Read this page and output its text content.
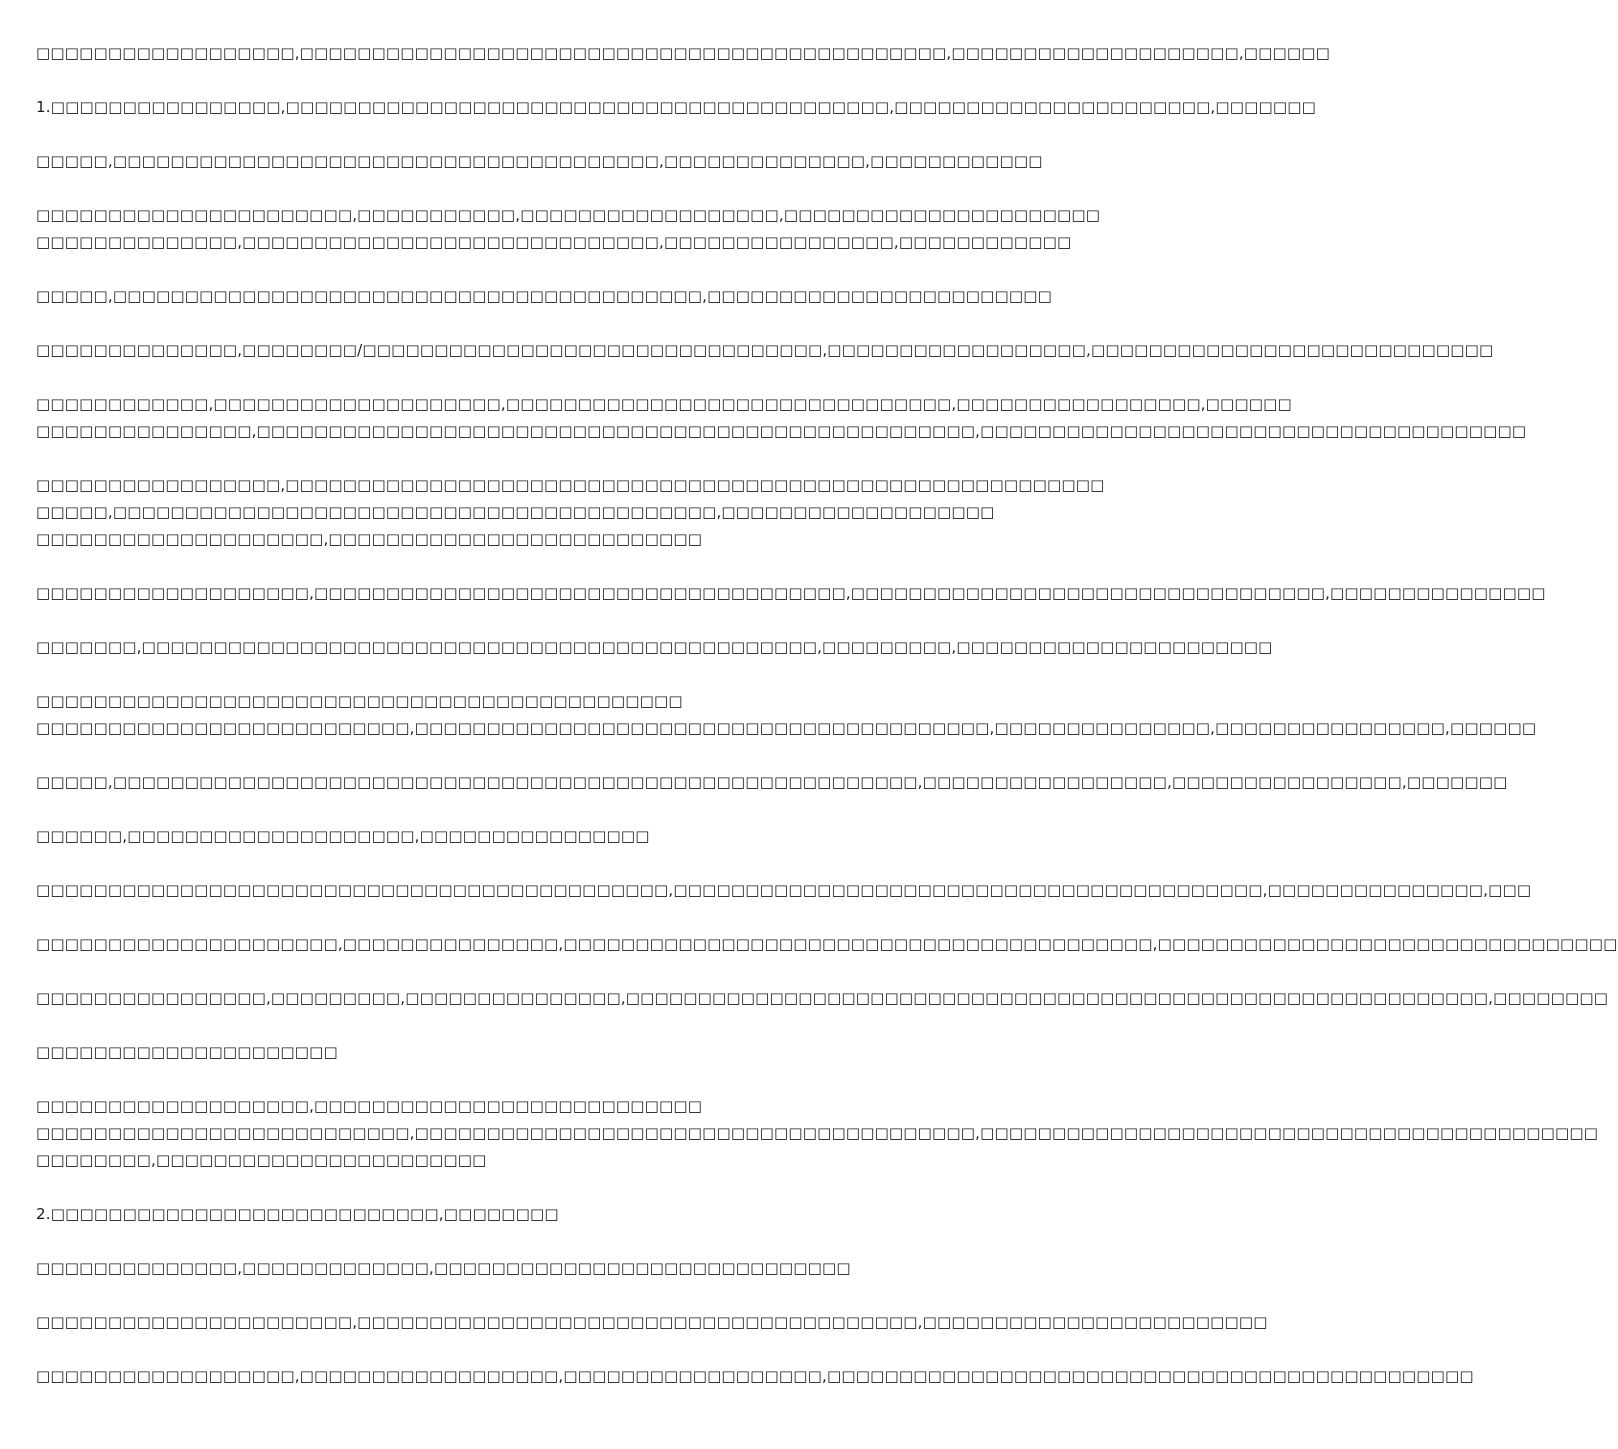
□□□□□□□□□□□□□□□□□□,□□□□□□□□□□□□□□□□□□□□□□□□□□□□□□□□□□□□□□□□□□□□□,□□□□□□□□□□□□□□□□□□□□,□□□□□□
1.□□□□□□□□□□□□□□□□,□□□□□□□□□□□□□□□□□□□□□□□□□□□□□□□□□□□□□□□□□□,□□□□□□□□□□□□□□□□□□□□□□,□□□□□□□
□□□□□,□□□□□□□□□□□□□□□□□□□□□□□□□□□□□□□□□□□□□□,□□□□□□□□□□□□□□,□□□□□□□□□□□□
□□□□□□□□□□□□□□□□□□□□□□,□□□□□□□□□□□,□□□□□□□□□□□□□□□□□□,□□□□□□□□□□□□□□□□□□□□□□
□□□□□□□□□□□□□□,□□□□□□□□□□□□□□□□□□□□□□□□□□□□□,□□□□□□□□□□□□□□□□,□□□□□□□□□□□□
□□□□□,□□□□□□□□□□□□□□□□□□□□□□□□□□□□□□□□□□□□□□□□□,□□□□□□□□□□□□□□□□□□□□□□□□
□□□□□□□□□□□□□□,□□□□□□□□/□□□□□□□□□□□□□□□□□□□□□□□□□□□□□□□□,□□□□□□□□□□□□□□□□□□,□□□□□□□□□□□□□□□□□□□□□□□□□□□□
□□□□□□□□□□□□,□□□□□□□□□□□□□□□□□□□□,□□□□□□□□□□□□□□□□□□□□□□□□□□□□□□□,□□□□□□□□□□□□□□□□□,□□□□□□
□□□□□□□□□□□□□□□,□□□□□□□□□□□□□□□□□□□□□□□□□□□□□□□□□□□□□□□□□□□□□□□□□□,□□□□□□□□□□□□□□□□□□□□□□□□□□□□□□□□□□□□□□
□□□□□□□□□□□□□□□□□,□□□□□□□□□□□□□□□□□□□□□□□□□□□□□□□□□□□□□□□□□□□□□□□□□□□□□□□□□
□□□□□,□□□□□□□□□□□□□□□□□□□□□□□□□□□□□□□□□□□□□□□□□□,□□□□□□□□□□□□□□□□□□□
□□□□□□□□□□□□□□□□□□□□,□□□□□□□□□□□□□□□□□□□□□□□□□□
□□□□□□□□□□□□□□□□□□□,□□□□□□□□□□□□□□□□□□□□□□□□□□□□□□□□□□□□□,□□□□□□□□□□□□□□□□□□□□□□□□□□□□□□□□□,□□□□□□□□□□□□□□□
□□□□□□□,□□□□□□□□□□□□□□□□□□□□□□□□□□□□□□□□□□□□□□□□□□□□□□□,□□□□□□□□□,□□□□□□□□□□□□□□□□□□□□□□
□□□□□□□□□□□□□□□□□□□□□□□□□□□□□□□□□□□□□□□□□□□□□
□□□□□□□□□□□□□□□□□□□□□□□□□□,□□□□□□□□□□□□□□□□□□□□□□□□□□□□□□□□□□□□□□□□,□□□□□□□□□□□□□□□,□□□□□□□□□□□□□□□□,□□□□□□
□□□□□,□□□□□□□□□□□□□□□□□□□□□□□□□□□□□□□□□□□□□□□□□□□□□□□□□□□□□□□□,□□□□□□□□□□□□□□□□□,□□□□□□□□□□□□□□□□,□□□□□□□
□□□□□□,□□□□□□□□□□□□□□□□□□□□,□□□□□□□□□□□□□□□□
□□□□□□□□□□□□□□□□□□□□□□□□□□□□□□□□□□□□□□□□□□□□,□□□□□□□□□□□□□□□□□□□□□□□□□□□□□□□□□□□□□□□□□,□□□□□□□□□□□□□□□,□□□
□□□□□□□□□□□□□□□□□□□□□,□□□□□□□□□□□□□□□,□□□□□□□□□□□□□□□□□□□□□□□□□□□□□□□□□□□□□□□□□,□□□□□□□□□□□□□□□□□□□□□□□□□□□□□□□□
□□□□□□□□□□□□□□□□,□□□□□□□□□,□□□□□□□□□□□□□□□,□□□□□□□□□□□□□□□□□□□□□□□□□□□□□□□□□□□□□□□□□□□□□□□□□□□□□□□□□□□□,□□□□□□□□
□□□□□□□□□□□□□□□□□□□□□
□□□□□□□□□□□□□□□□□□□,□□□□□□□□□□□□□□□□□□□□□□□□□□□
□□□□□□□□□□□□□□□□□□□□□□□□□□,□□□□□□□□□□□□□□□□□□□□□□□□□□□□□□□□□□□□□□□,□□□□□□□□□□□□□□□□□□□□□□□□□□□□□□□□□□□□□□□□□□□
□□□□□□□□,□□□□□□□□□□□□□□□□□□□□□□□
2.□□□□□□□□□□□□□□□□□□□□□□□□□□□,□□□□□□□□
□□□□□□□□□□□□□□,□□□□□□□□□□□□□,□□□□□□□□□□□□□□□□□□□□□□□□□□□□□
□□□□□□□□□□□□□□□□□□□□□□,□□□□□□□□□□□□□□□□□□□□□□□□□□□□□□□□□□□□□□□,□□□□□□□□□□□□□□□□□□□□□□□□
□□□□□□□□□□□□□□□□□□,□□□□□□□□□□□□□□□□□□,□□□□□□□□□□□□□□□□□□,□□□□□□□□□□□□□□□□□□□□□□□□□□□□□□□□□□□□□□□□□□□□□
